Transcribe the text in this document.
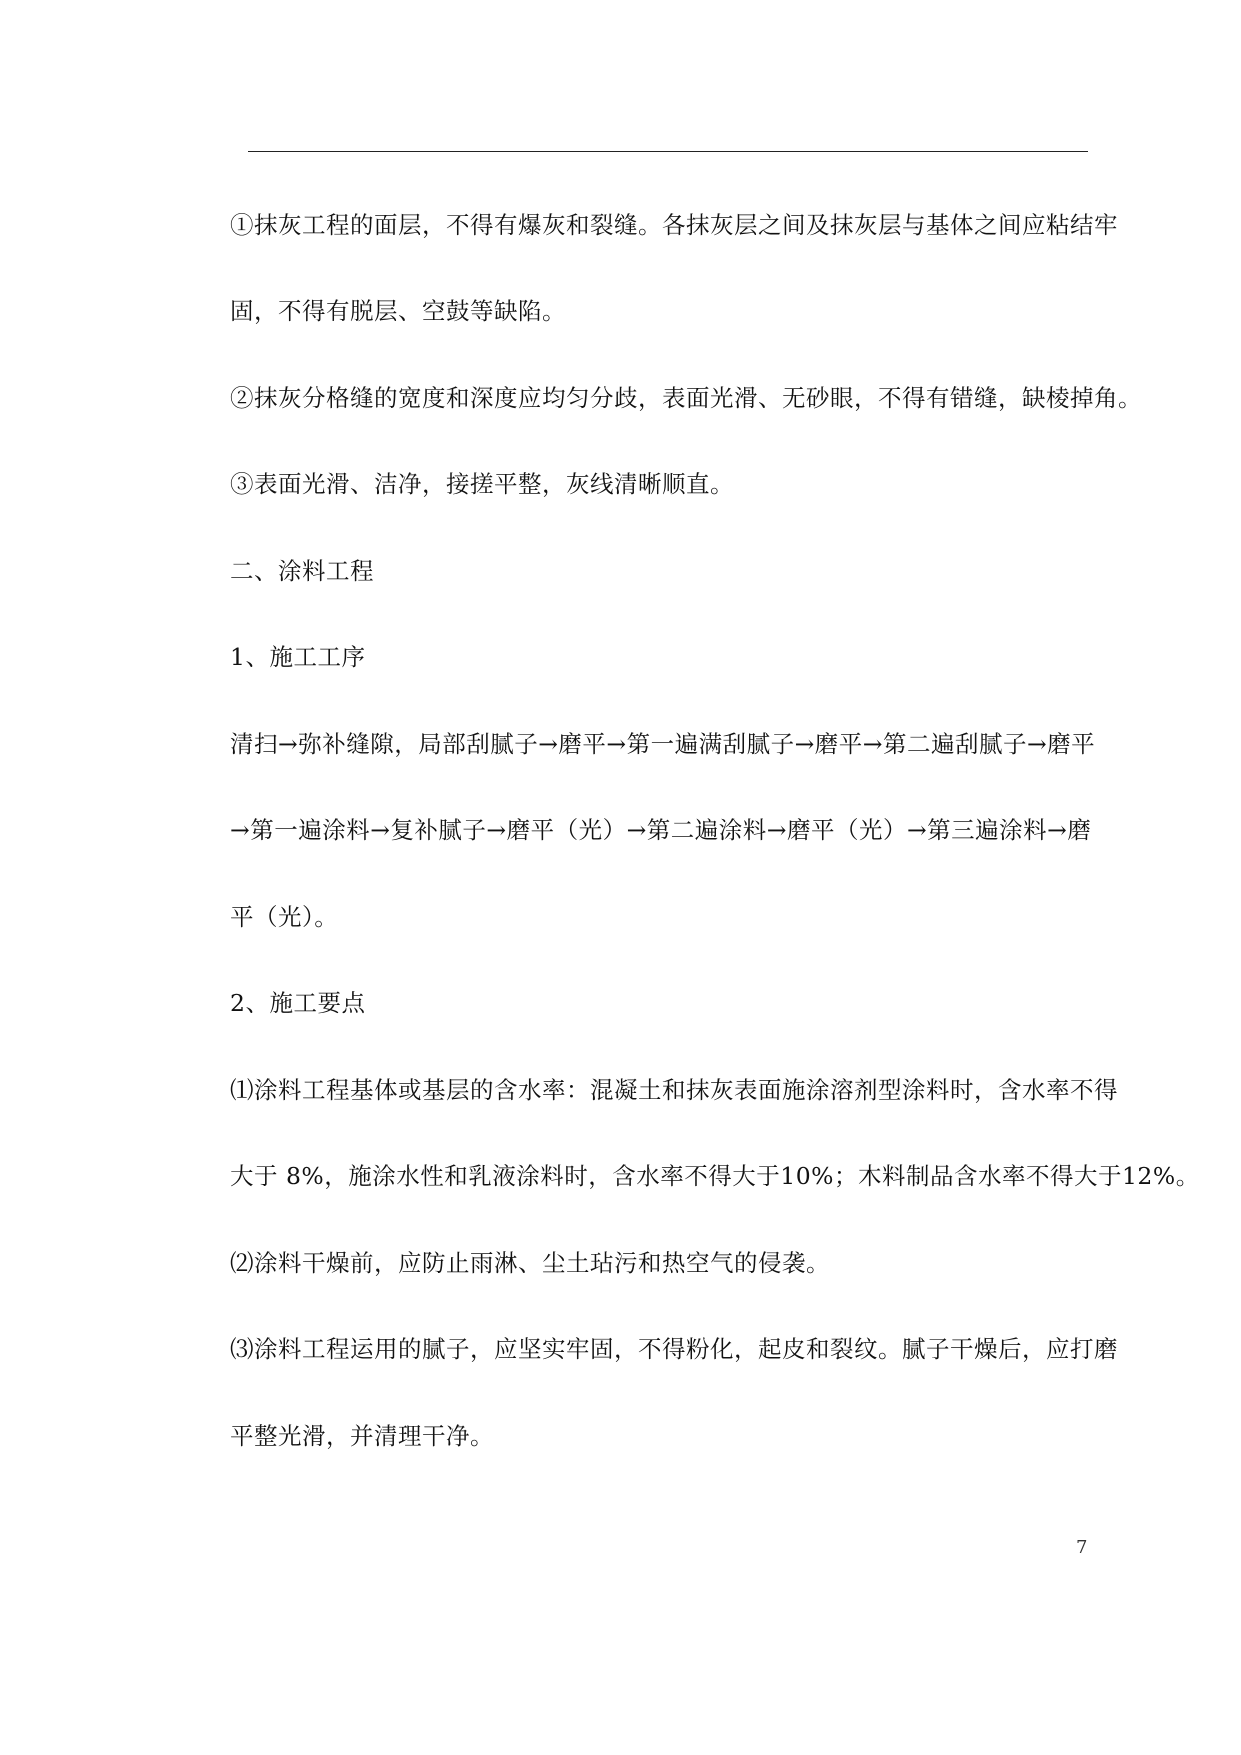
①抹灰工程的面层，不得有爆灰和裂缝。各抹灰层之间及抹灰层与基体之间应粘结牢

固，不得有脱层、空鼓等缺陷。

②抹灰分格缝的宽度和深度应均匀分歧，表面光滑、无砂眼，不得有错缝，缺棱掉角。

③表面光滑、洁净，接搓平整，灰线清晰顺直。

二、涂料工程

1、施工工序

清扫→弥补缝隙，局部刮腻子→磨平→第一遍满刮腻子→磨平→第二遍刮腻子→磨平

→第一遍涂料→复补腻子→磨平（光）→第二遍涂料→磨平（光）→第三遍涂料→磨

平（光）。

2、施工要点

⑴涂料工程基体或基层的含水率：混凝土和抹灰表面施涂溶剂型涂料时，含水率不得

大于 8%，施涂水性和乳液涂料时，含水率不得大于10%；木料制品含水率不得大于12%。

⑵涂料干燥前，应防止雨淋、尘土玷污和热空气的侵袭。

⑶涂料工程运用的腻子，应坚实牢固，不得粉化，起皮和裂纹。腻子干燥后，应打磨

平整光滑，并清理干净。

7
